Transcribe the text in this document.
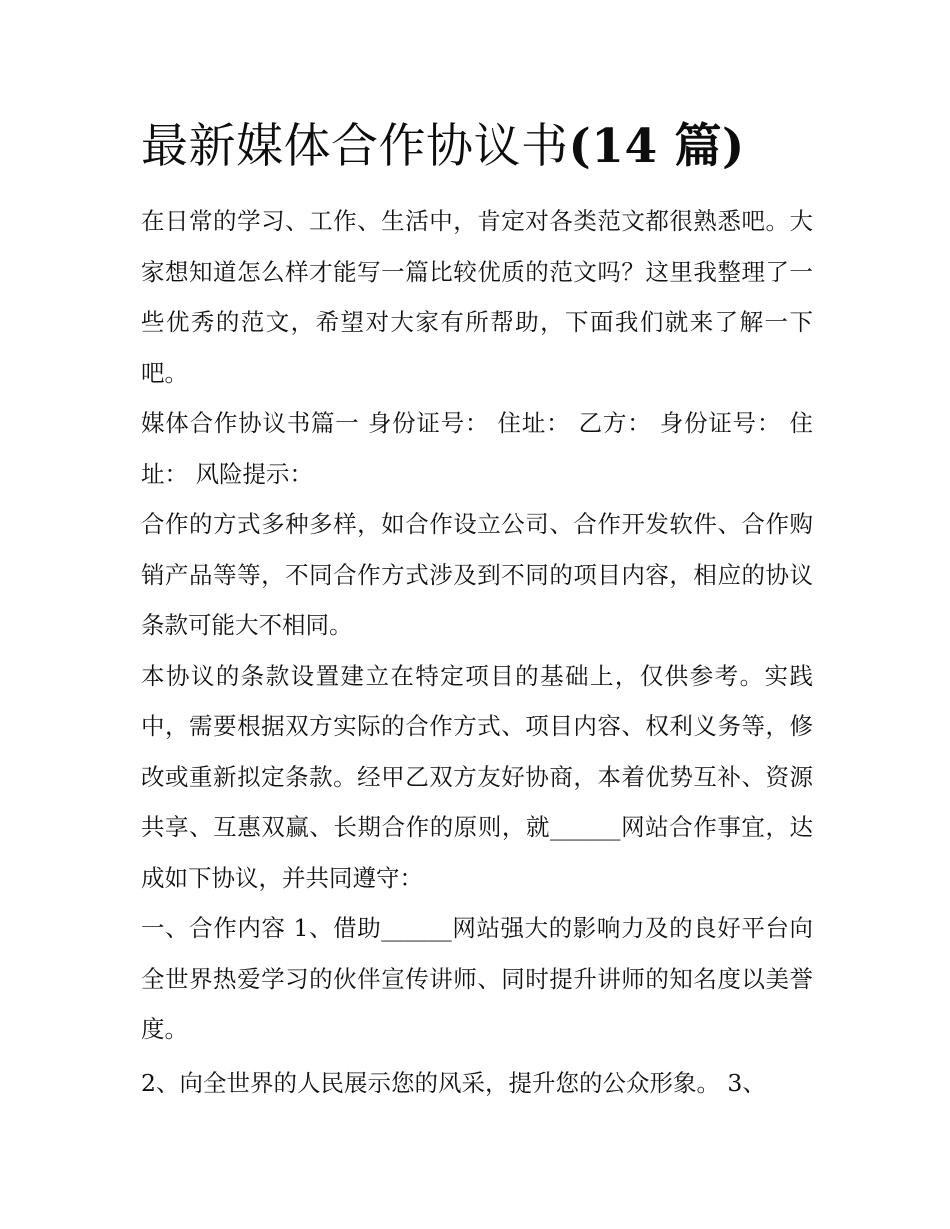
最新媒体合作协议书(14 篇)

在日常的学习、工作、生活中，肯定对各类范文都很熟悉吧。大家想知道怎么样才能写一篇比较优质的范文吗？这里我整理了一些优秀的范文，希望对大家有所帮助，下面我们就来了解一下吧。

媒体合作协议书篇一 身份证号： 住址： 乙方： 身份证号： 住址： 风险提示：

合作的方式多种多样，如合作设立公司、合作开发软件、合作购销产品等等，不同合作方式涉及到不同的项目内容，相应的协议条款可能大不相同。

本协议的条款设置建立在特定项目的基础上，仅供参考。实践中，需要根据双方实际的合作方式、项目内容、权利义务等，修改或重新拟定条款。经甲乙双方友好协商，本着优势互补、资源共享、互惠双赢、长期合作的原则，就______网站合作事宜，达成如下协议，并共同遵守：

一、合作内容 1、借助______网站强大的影响力及的良好平台向全世界热爱学习的伙伴宣传讲师、同时提升讲师的知名度以美誉度。

2、向全世界的人民展示您的风采，提升您的公众形象。 3、
